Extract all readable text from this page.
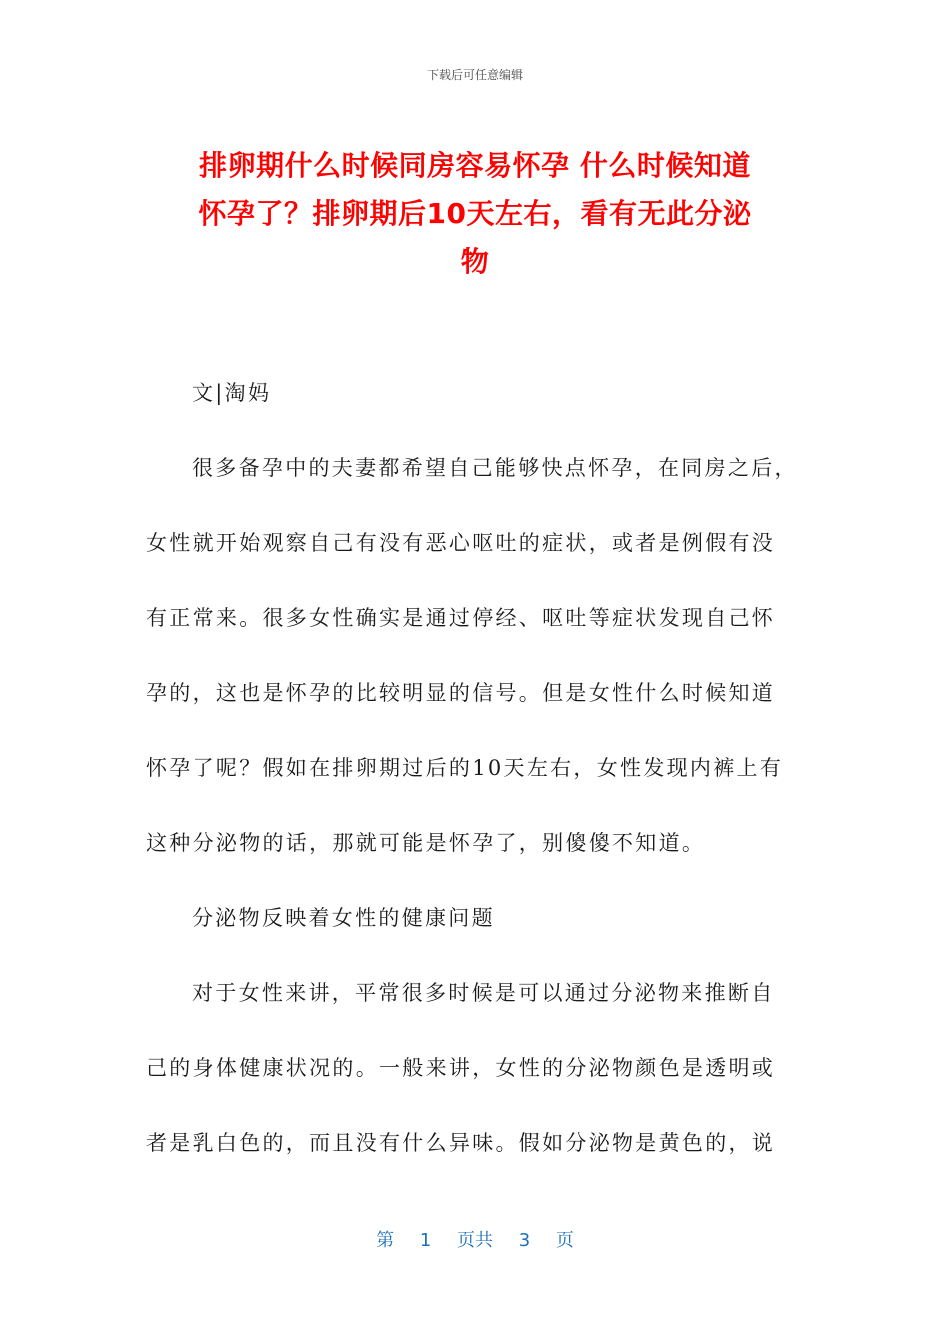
下载后可任意编辑
排卵期什么时候同房容易怀孕 什么时候知道
怀孕了？排卵期后10天左右，看有无此分泌
物
文|淘妈
很多备孕中的夫妻都希望自己能够快点怀孕，在同房之后，
女性就开始观察自己有没有恶心呕吐的症状，或者是例假有没
有正常来。很多女性确实是通过停经、呕吐等症状发现自己怀
孕的，这也是怀孕的比较明显的信号。但是女性什么时候知道
怀孕了呢？假如在排卵期过后的10天左右，女性发现内裤上有
这种分泌物的话，那就可能是怀孕了，别傻傻不知道。
分泌物反映着女性的健康问题
对于女性来讲，平常很多时候是可以通过分泌物来推断自
己的身体健康状况的。一般来讲，女性的分泌物颜色是透明或
者是乳白色的，而且没有什么异味。假如分泌物是黄色的，说
第 1 页共 3 页
